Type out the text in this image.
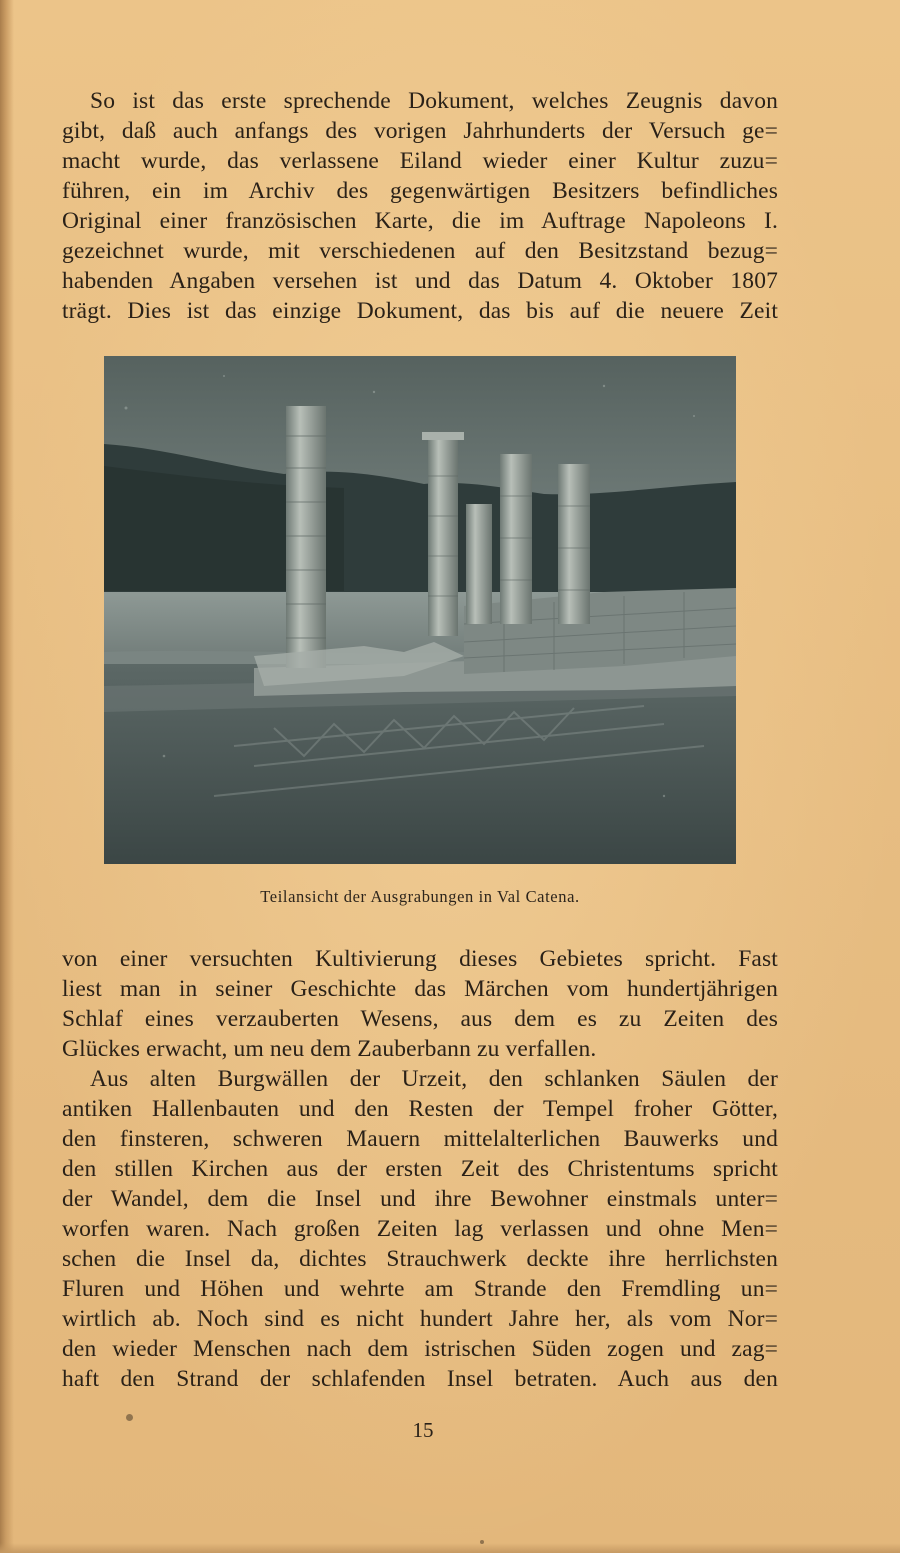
So ist das erste sprechende Dokument, welches Zeugnis davon
gibt, daß auch anfangs des vorigen Jahrhunderts der Versuch ge=
macht wurde, das verlassene Eiland wieder einer Kultur zuzu=
führen, ein im Archiv des gegenwärtigen Besitzers befindliches
Original einer französischen Karte, die im Auftrage Napoleons I.
gezeichnet wurde, mit verschiedenen auf den Besitzstand bezug=
habenden Angaben versehen ist und das Datum 4. Oktober 1807
trägt. Dies ist das einzige Dokument, das bis auf die neuere Zeit
Teilansicht der Ausgrabungen in Val Catena.
von einer versuchten Kultivierung dieses Gebietes spricht. Fast
liest man in seiner Geschichte das Märchen vom hundertjährigen
Schlaf eines verzauberten Wesens, aus dem es zu Zeiten des
Glückes erwacht, um neu dem Zauberbann zu verfallen.
Aus alten Burgwällen der Urzeit, den schlanken Säulen der
antiken Hallenbauten und den Resten der Tempel froher Götter,
den finsteren, schweren Mauern mittelalterlichen Bauwerks und
den stillen Kirchen aus der ersten Zeit des Christentums spricht
der Wandel, dem die Insel und ihre Bewohner einstmals unter=
worfen waren. Nach großen Zeiten lag verlassen und ohne Men=
schen die Insel da, dichtes Strauchwerk deckte ihre herrlichsten
Fluren und Höhen und wehrte am Strande den Fremdling un=
wirtlich ab. Noch sind es nicht hundert Jahre her, als vom Nor=
den wieder Menschen nach dem istrischen Süden zogen und zag=
haft den Strand der schlafenden Insel betraten. Auch aus den
15
